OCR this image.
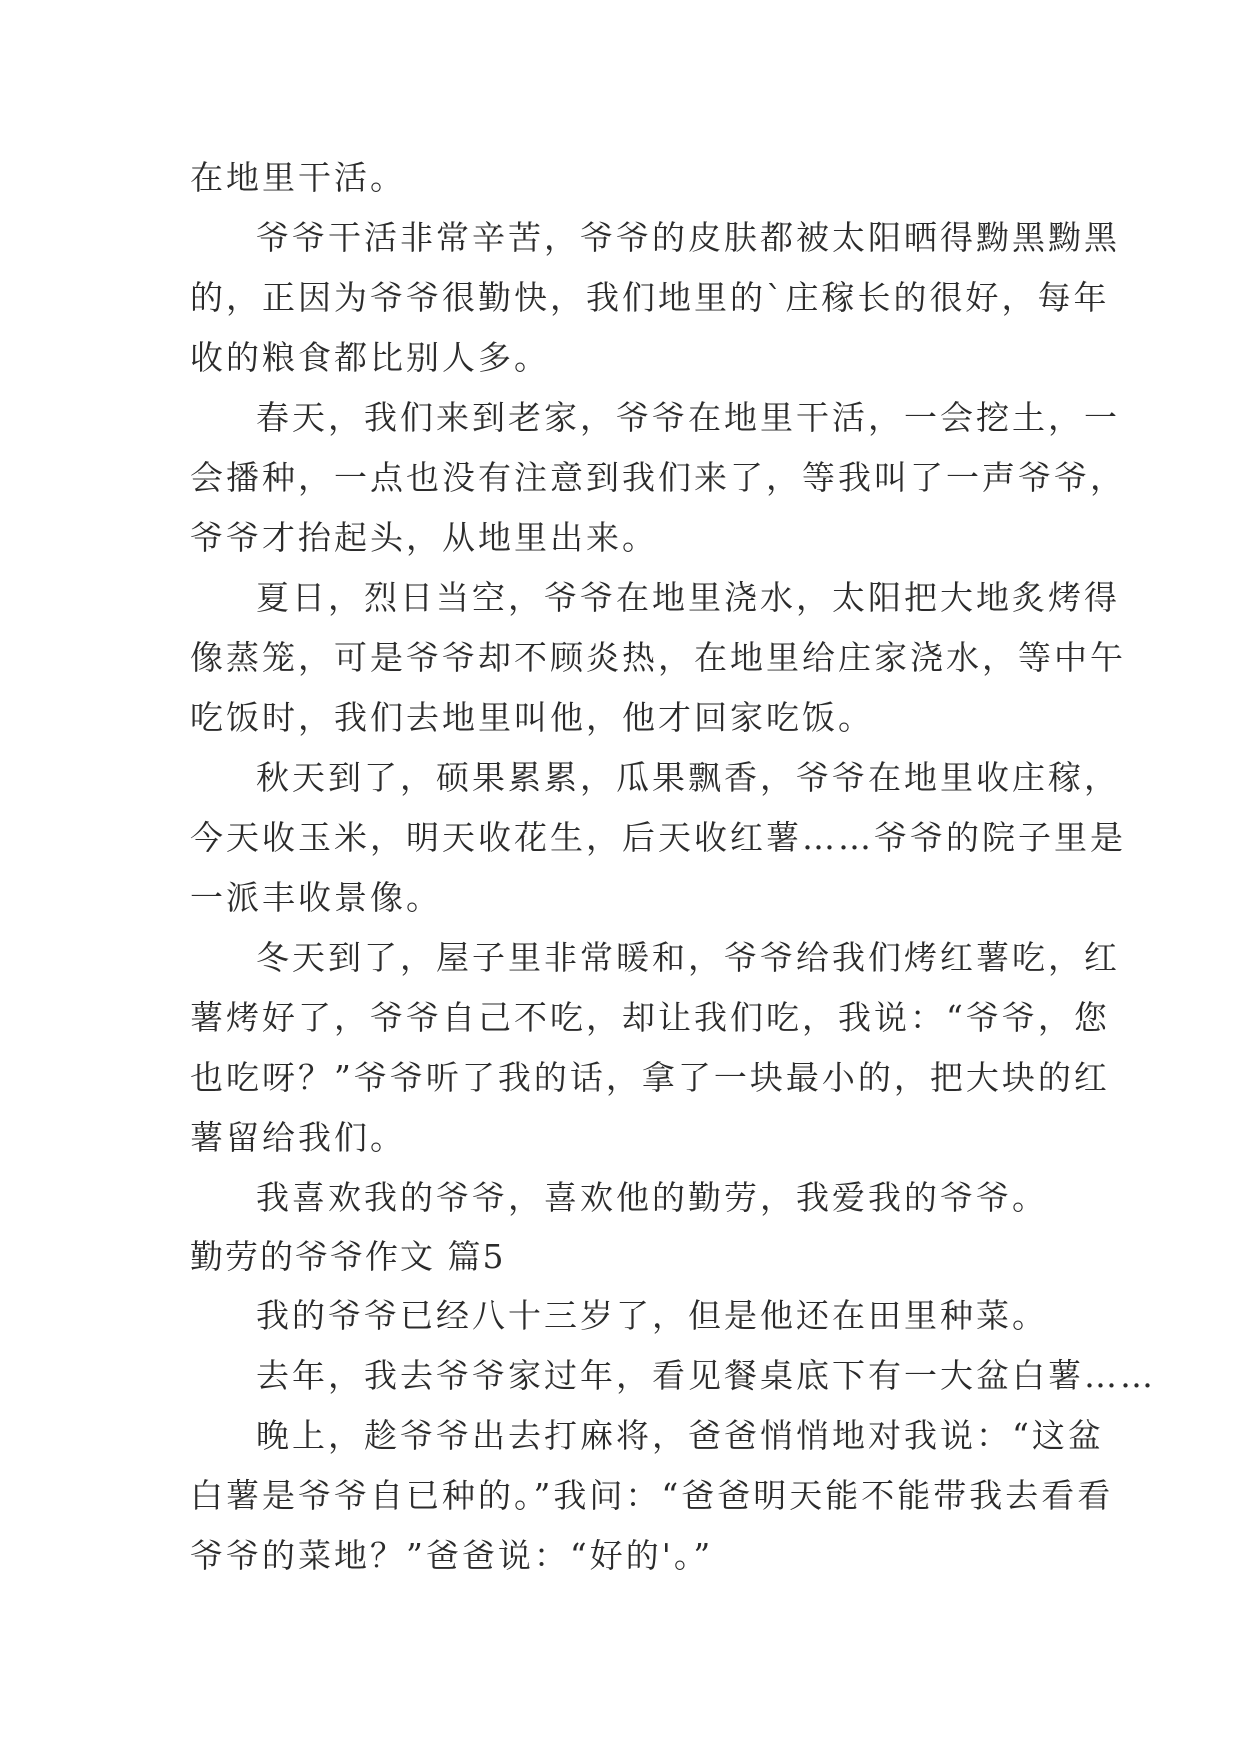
在地里干活。
爷爷干活非常辛苦，爷爷的皮肤都被太阳晒得黝黑黝黑
的，正因为爷爷很勤快，我们地里的`庄稼长的很好，每年
收的粮食都比别人多。
春天，我们来到老家，爷爷在地里干活，一会挖土，一
会播种，一点也没有注意到我们来了，等我叫了一声爷爷，
爷爷才抬起头，从地里出来。
夏日，烈日当空，爷爷在地里浇水，太阳把大地炙烤得
像蒸笼，可是爷爷却不顾炎热，在地里给庄家浇水，等中午
吃饭时，我们去地里叫他，他才回家吃饭。
秋天到了，硕果累累，瓜果飘香，爷爷在地里收庄稼，
今天收玉米，明天收花生，后天收红薯……爷爷的院子里是
一派丰收景像。
冬天到了，屋子里非常暖和，爷爷给我们烤红薯吃，红
薯烤好了，爷爷自己不吃，却让我们吃，我说：“爷爷，您
也吃呀？”爷爷听了我的话，拿了一块最小的，把大块的红
薯留给我们。
我喜欢我的爷爷，喜欢他的勤劳，我爱我的爷爷。
勤劳的爷爷作文 篇5
我的爷爷已经八十三岁了，但是他还在田里种菜。
去年，我去爷爷家过年，看见餐桌底下有一大盆白薯……
晚上，趁爷爷出去打麻将，爸爸悄悄地对我说：“这盆
白薯是爷爷自已种的。”我问：“爸爸明天能不能带我去看看
爷爷的菜地？”爸爸说：“好的'。”
